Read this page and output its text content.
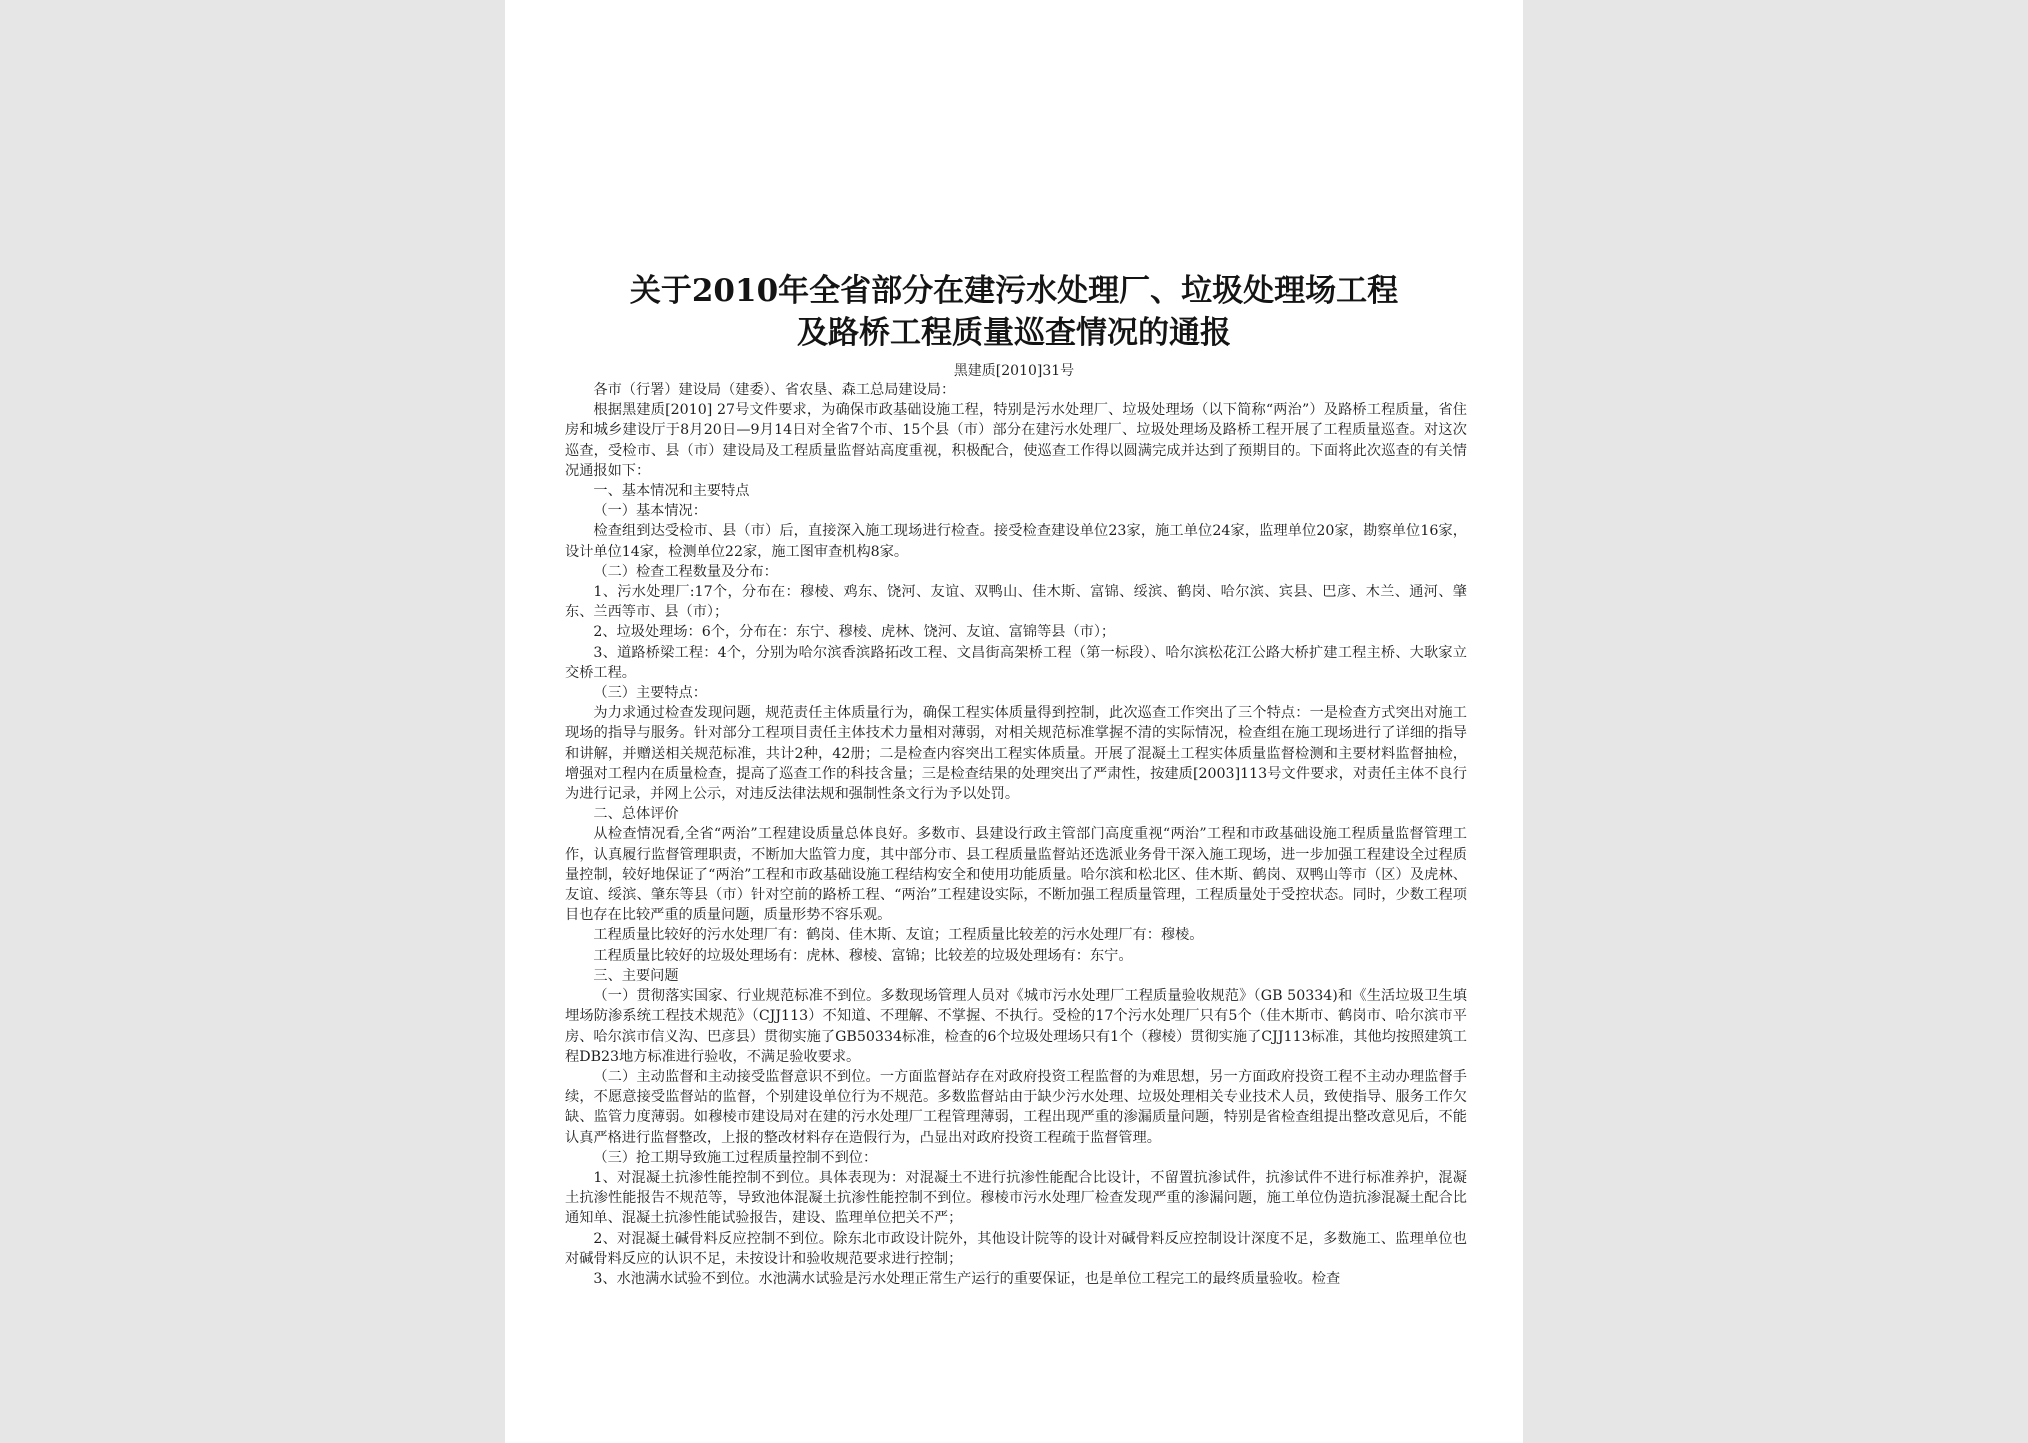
关于2010年全省部分在建污水处理厂、垃圾处理场工程
及路桥工程质量巡查情况的通报
黑建质[2010]31号

各市（行署）建设局（建委）、省农垦、森工总局建设局：

根据黑建质[2010] 27号文件要求，为确保市政基础设施工程，特别是污水处理厂、垃圾处理场（以下简称“两治”）及路桥工程质量，省住房和城乡建设厅于8月20日—9月14日对全省7个市、15个县（市）部分在建污水处理厂、垃圾处理场及路桥工程开展了工程质量巡查。对这次巡查，受检市、县（市）建设局及工程质量监督站高度重视，积极配合，使巡查工作得以圆满完成并达到了预期目的。下面将此次巡查的有关情况通报如下：

一、基本情况和主要特点

（一）基本情况：

检查组到达受检市、县（市）后，直接深入施工现场进行检查。接受检查建设单位23家，施工单位24家，监理单位20家，勘察单位16家，设计单位14家，检测单位22家，施工图审查机构8家。

（二）检查工程数量及分布：

1、污水处理厂:17个，分布在：穆棱、鸡东、饶河、友谊、双鸭山、佳木斯、富锦、绥滨、鹤岗、哈尔滨、宾县、巴彦、木兰、通河、肇东、兰西等市、县（市）；

2、垃圾处理场：6个，分布在：东宁、穆棱、虎林、饶河、友谊、富锦等县（市）；

3、道路桥梁工程：4个，分别为哈尔滨香滨路拓改工程、文昌街高架桥工程（第一标段）、哈尔滨松花江公路大桥扩建工程主桥、大耿家立交桥工程。

（三）主要特点：

为力求通过检查发现问题，规范责任主体质量行为，确保工程实体质量得到控制，此次巡查工作突出了三个特点：一是检查方式突出对施工现场的指导与服务。针对部分工程项目责任主体技术力量相对薄弱，对相关规范标准掌握不清的实际情况，检查组在施工现场进行了详细的指导和讲解，并赠送相关规范标准，共计2种，42册；二是检查内容突出工程实体质量。开展了混凝土工程实体质量监督检测和主要材料监督抽检，增强对工程内在质量检查，提高了巡查工作的科技含量；三是检查结果的处理突出了严肃性，按建质[2003]113号文件要求，对责任主体不良行为进行记录，并网上公示，对违反法律法规和强制性条文行为予以处罚。

二、总体评价

从检查情况看,全省“两治”工程建设质量总体良好。多数市、县建设行政主管部门高度重视“两治”工程和市政基础设施工程质量监督管理工作，认真履行监督管理职责，不断加大监管力度，其中部分市、县工程质量监督站还选派业务骨干深入施工现场，进一步加强工程建设全过程质量控制，较好地保证了“两治”工程和市政基础设施工程结构安全和使用功能质量。哈尔滨和松北区、佳木斯、鹤岗、双鸭山等市（区）及虎林、友谊、绥滨、肇东等县（市）针对空前的路桥工程、“两治”工程建设实际，不断加强工程质量管理，工程质量处于受控状态。同时，少数工程项目也存在比较严重的质量问题，质量形势不容乐观。

工程质量比较好的污水处理厂有：鹤岗、佳木斯、友谊；工程质量比较差的污水处理厂有：穆棱。

工程质量比较好的垃圾处理场有：虎林、穆棱、富锦；比较差的垃圾处理场有：东宁。

三、主要问题

（一）贯彻落实国家、行业规范标准不到位。多数现场管理人员对《城市污水处理厂工程质量验收规范》（GB 50334)和《生活垃圾卫生填埋场防渗系统工程技术规范》（CJJ113）不知道、不理解、不掌握、不执行。受检的17个污水处理厂只有5个（佳木斯市、鹤岗市、哈尔滨市平房、哈尔滨市信义沟、巴彦县）贯彻实施了GB50334标准，检查的6个垃圾处理场只有1个（穆棱）贯彻实施了CJJ113标准，其他均按照建筑工程DB23地方标准进行验收，不满足验收要求。

（二）主动监督和主动接受监督意识不到位。一方面监督站存在对政府投资工程监督的为难思想，另一方面政府投资工程不主动办理监督手续，不愿意接受监督站的监督，个别建设单位行为不规范。多数监督站由于缺少污水处理、垃圾处理相关专业技术人员，致使指导、服务工作欠缺、监管力度薄弱。如穆棱市建设局对在建的污水处理厂工程管理薄弱，工程出现严重的渗漏质量问题，特别是省检查组提出整改意见后，不能认真严格进行监督整改，上报的整改材料存在造假行为，凸显出对政府投资工程疏于监督管理。

（三）抢工期导致施工过程质量控制不到位：

1、对混凝土抗渗性能控制不到位。具体表现为：对混凝土不进行抗渗性能配合比设计，不留置抗渗试件，抗渗试件不进行标准养护，混凝土抗渗性能报告不规范等，导致池体混凝土抗渗性能控制不到位。穆棱市污水处理厂检查发现严重的渗漏问题，施工单位伪造抗渗混凝土配合比通知单、混凝土抗渗性能试验报告，建设、监理单位把关不严；

2、对混凝土碱骨料反应控制不到位。除东北市政设计院外，其他设计院等的设计对碱骨料反应控制设计深度不足，多数施工、监理单位也对碱骨料反应的认识不足，未按设计和验收规范要求进行控制；

3、水池满水试验不到位。水池满水试验是污水处理正常生产运行的重要保证，也是单位工程完工的最终质量验收。检查
